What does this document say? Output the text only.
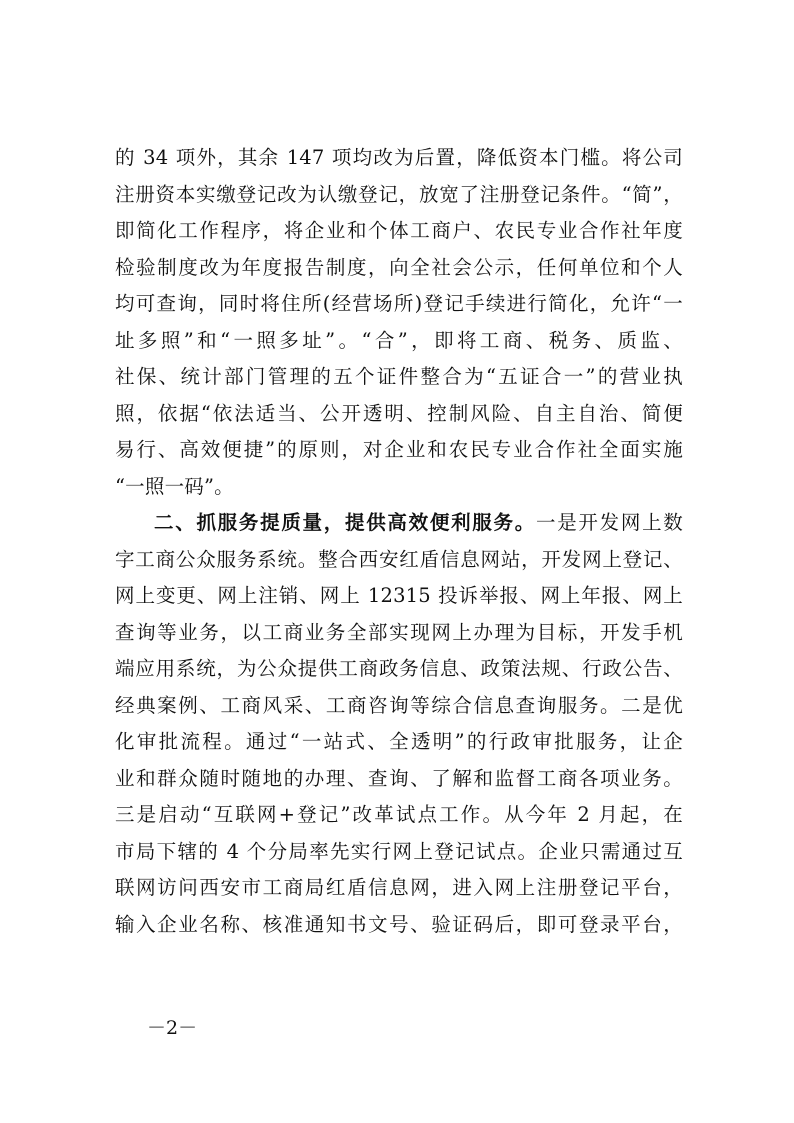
的 34 项外，其余 147 项均改为后置，降低资本门槛。将公司
注册资本实缴登记改为认缴登记，放宽了注册登记条件。“简”，
即简化工作程序，将企业和个体工商户、农民专业合作社年度
检验制度改为年度报告制度，向全社会公示，任何单位和个人
均可查询，同时将住所(经营场所)登记手续进行简化，允许“一
址多照”和“一照多址”。“合”，即将工商、税务、质监、
社保、统计部门管理的五个证件整合为“五证合一”的营业执
照，依据“依法适当、公开透明、控制风险、自主自治、简便
易行、高效便捷”的原则，对企业和农民专业合作社全面实施
“一照一码”。
二、抓服务提质量，提供高效便利服务。一是开发网上数
字工商公众服务系统。整合西安红盾信息网站，开发网上登记、
网上变更、网上注销、网上 12315 投诉举报、网上年报、网上
查询等业务，以工商业务全部实现网上办理为目标，开发手机
端应用系统，为公众提供工商政务信息、政策法规、行政公告、
经典案例、工商风采、工商咨询等综合信息查询服务。二是优
化审批流程。通过“一站式、全透明”的行政审批服务，让企
业和群众随时随地的办理、查询、了解和监督工商各项业务。
三是启动“互联网+登记”改革试点工作。从今年 2 月起，在
市局下辖的 4 个分局率先实行网上登记试点。企业只需通过互
联网访问西安市工商局红盾信息网，进入网上注册登记平台，
输入企业名称、核准通知书文号、验证码后，即可登录平台，
－2－
